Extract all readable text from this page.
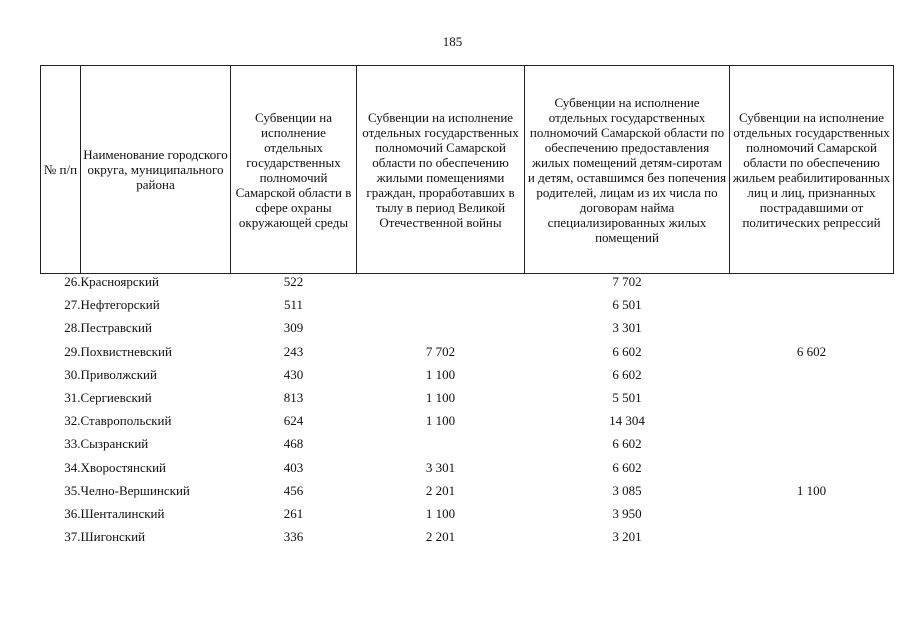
185
№ п/п	Наименование городского округа, муниципального района	Субвенции на исполнение отдельных государственных полномочий Самарской области в сфере охраны окружающей среды	Субвенции на исполнение отдельных государственных полномочий Самарской области по обеспечению жилыми помещениями граждан, проработавших в тылу в период Великой Отечественной войны	Субвенции на исполнение отдельных государственных полномочий Самарской области по обеспечению предоставления жилых помещений детям-сиротам и детям, оставшимся без попечения родителей, лицам из их числа по договорам найма специализированных жилых помещений	Субвенции на исполнение отдельных государственных полномочий Самарской области по обеспечению жильем реабилитированных лиц и лиц, признанных пострадавшими от политических репрессий
26.	Красноярский	522		7 702	
27.	Нефтегорский	511		6 501	
28.	Пестравский	309		3 301	
29.	Похвистневский	243	7 702	6 602	6 602
30.	Приволжский	430	1 100	6 602	
31.	Сергиевский	813	1 100	5 501	
32.	Ставропольский	624	1 100	14 304	
33.	Сызранский	468		6 602	
34.	Хворостянский	403	3 301	6 602	
35.	Челно-Вершинский	456	2 201	3 085	1 100
36.	Шенталинский	261	1 100	3 950	
37.	Шигонский	336	2 201	3 201	
